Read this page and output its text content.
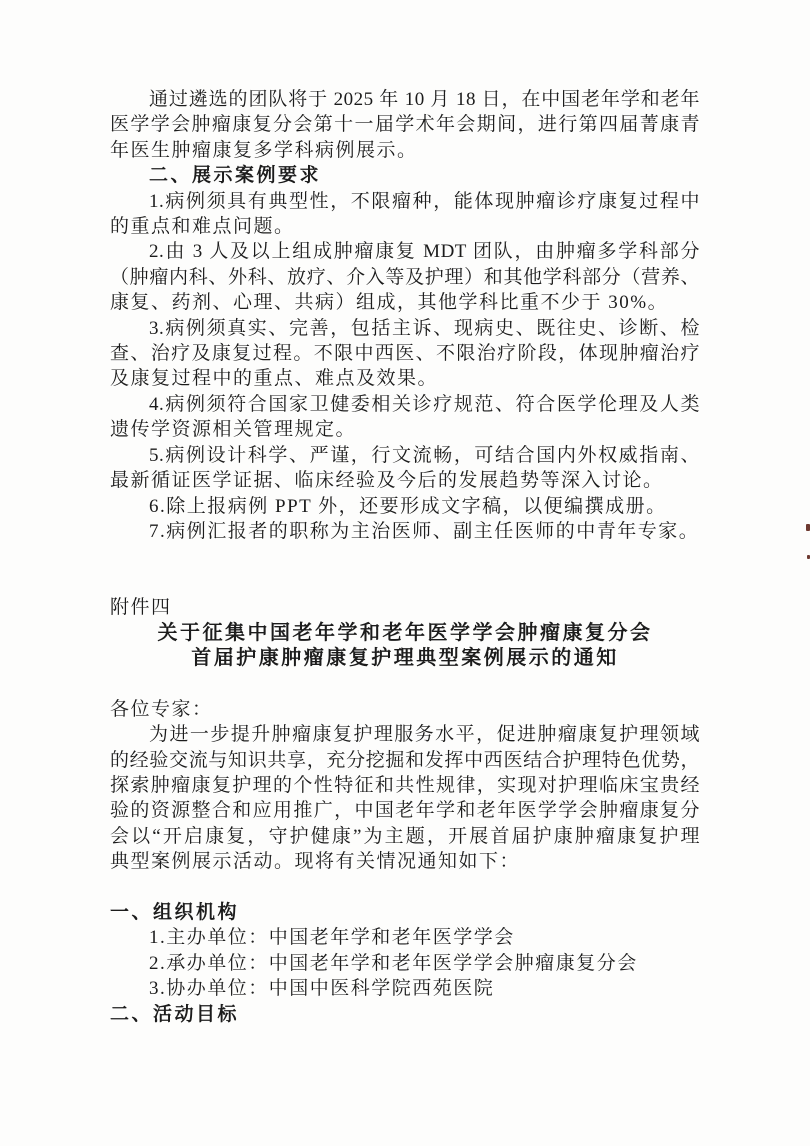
通过遴选的团队将于 2025 年 10 月 18 日，在中国老年学和老年
医学学会肿瘤康复分会第十一届学术年会期间，进行第四届菁康青
年医生肿瘤康复多学科病例展示。
二、展示案例要求
1.病例须具有典型性，不限瘤种，能体现肿瘤诊疗康复过程中
的重点和难点问题。
2.由 3 人及以上组成肿瘤康复 MDT 团队，由肿瘤多学科部分
（肿瘤内科、外科、放疗、介入等及护理）和其他学科部分（营养、
康复、药剂、心理、共病）组成，其他学科比重不少于 30%。
3.病例须真实、完善，包括主诉、现病史、既往史、诊断、检
查、治疗及康复过程。不限中西医、不限治疗阶段，体现肿瘤治疗
及康复过程中的重点、难点及效果。
4.病例须符合国家卫健委相关诊疗规范、符合医学伦理及人类
遗传学资源相关管理规定。
5.病例设计科学、严谨，行文流畅，可结合国内外权威指南、
最新循证医学证据、临床经验及今后的发展趋势等深入讨论。
6.除上报病例 PPT 外，还要形成文字稿，以便编撰成册。
7.病例汇报者的职称为主治医师、副主任医师的中青年专家。
附件四
关于征集中国老年学和老年医学学会肿瘤康复分会
首届护康肿瘤康复护理典型案例展示的通知
各位专家：
为进一步提升肿瘤康复护理服务水平，促进肿瘤康复护理领域
的经验交流与知识共享，充分挖掘和发挥中西医结合护理特色优势，
探索肿瘤康复护理的个性特征和共性规律，实现对护理临床宝贵经
验的资源整合和应用推广，中国老年学和老年医学学会肿瘤康复分
会以“开启康复，守护健康”为主题，开展首届护康肿瘤康复护理
典型案例展示活动。现将有关情况通知如下：
一、组织机构
1.主办单位：中国老年学和老年医学学会
2.承办单位：中国老年学和老年医学学会肿瘤康复分会
3.协办单位：中国中医科学院西苑医院
二、活动目标
